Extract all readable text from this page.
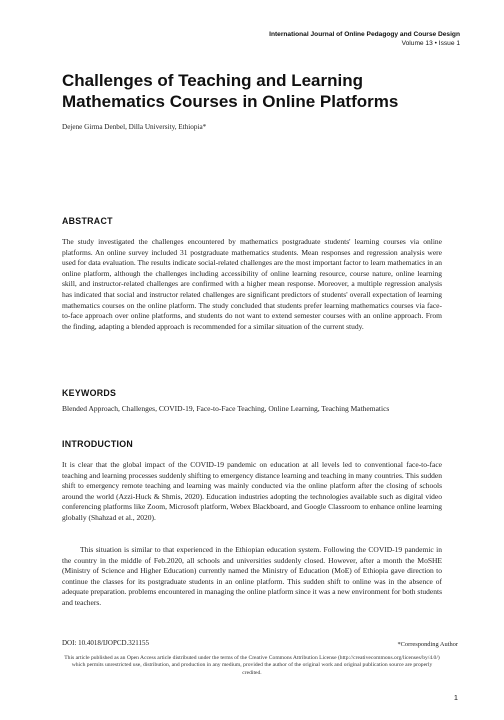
International Journal of Online Pedagogy and Course Design
Volume 13 • Issue 1
Challenges of Teaching and Learning Mathematics Courses in Online Platforms
Dejene Girma Denbel, Dilla University, Ethiopia*
ABSTRACT

The study investigated the challenges encountered by mathematics postgraduate students' learning courses via online platforms. An online survey included 31 postgraduate mathematics students. Mean responses and regression analysis were used for data evaluation. The results indicate social-related challenges are the most important factor to learn mathematics in an online platform, although the challenges including accessibility of online learning resource, course nature, online learning skill, and instructor-related challenges are confirmed with a higher mean response. Moreover, a multiple regression analysis has indicated that social and instructor related challenges are significant predictors of students' overall expectation of learning mathematics courses on the online platform. The study concluded that students prefer learning mathematics courses via face-to-face approach over online platforms, and students do not want to extend semester courses with an online approach. From the finding, adapting a blended approach is recommended for a similar situation of the current study.

KEYWORDS

Blended Approach, Challenges, COVID-19, Face-to-Face Teaching, Online Learning, Teaching Mathematics

INTRODUCTION

It is clear that the global impact of the COVID-19 pandemic on education at all levels led to conventional face-to-face teaching and learning processes suddenly shifting to emergency distance learning and teaching in many countries. This sudden shift to emergency remote teaching and learning was mainly conducted via the online platform after the closing of schools around the world (Azzi-Huck & Shmis, 2020). Education industries adopting the technologies available such as digital video conferencing platforms like Zoom, Microsoft platform, Webex Blackboard, and Google Classroom to enhance online learning globally (Shahzad et al., 2020).

This situation is similar to that experienced in the Ethiopian education system. Following the COVID-19 pandemic in the country in the middle of Feb.2020, all schools and universities suddenly closed. However, after a month the MoSHE (Ministry of Science and Higher Education) currently named the Ministry of Education (MoE) of Ethiopia gave direction to continue the classes for its postgraduate students in an online platform. This sudden shift to online was in the absence of adequate preparation. problems encountered in managing the online platform since it was a new environment for both students and teachers.

DOI: 10.4018/IJOPCD.321155	*Corresponding Author

This article published as an Open Access article distributed under the terms of the Creative Commons Attribution License (http://creativecommons.org/licenses/by/4.0/) which permits unrestricted use, distribution, and production in any medium, provided the author of the original work and original publication source are properly credited.

1
